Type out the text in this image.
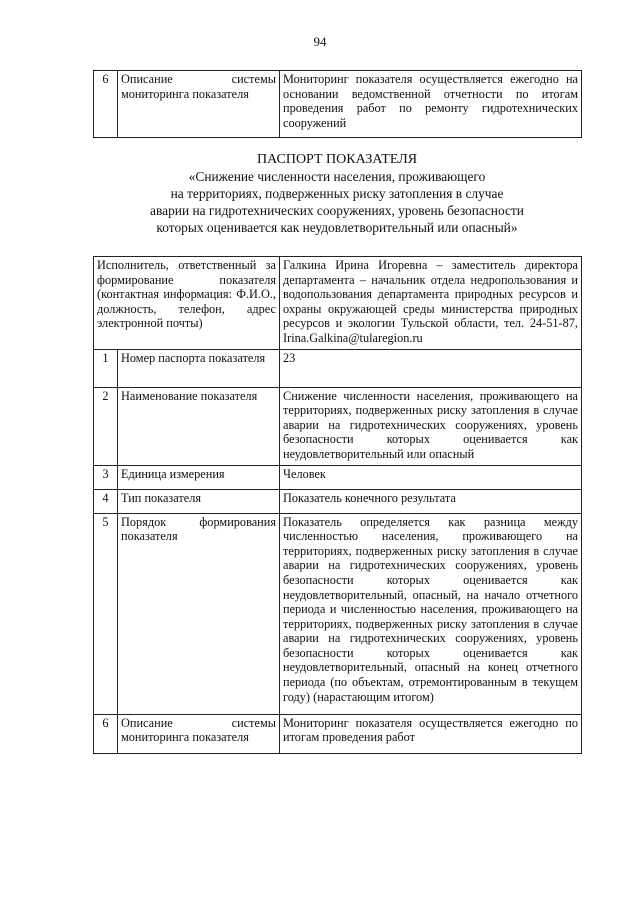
94
6	Описание системы мониторинга показателя	Мониторинг показателя осуществляется ежегодно на основании ведомственной отчетности по итогам проведения работ по ремонту гидротехнических сооружений
ПАСПОРТ ПОКАЗАТЕЛЯ
«Снижение численности населения, проживающего
на территориях, подверженных риску затопления в случае
аварии на гидротехнических сооружениях, уровень безопасности
которых оценивается как неудовлетворительный или опасный»
Исполнитель, ответственный за формирование показателя (контактная информация: Ф.И.О., должность, телефон, адрес электронной почты)		Галкина Ирина Игоревна – заместитель директора департамента – начальник отдела недропользования и водопользования департамента природных ресурсов и охраны окружающей среды министерства природных ресурсов и экологии Тульской области, тел. 24-51-87, Irina.Galkina@tularegion.ru
1	Номер паспорта показателя	23
2	Наименование показателя	Снижение численности населения, проживающего на территориях, подверженных риску затопления в случае аварии на гидротехнических сооружениях, уровень безопасности которых оценивается как неудовлетворительный или опасный
3	Единица измерения	Человек
4	Тип показателя	Показатель конечного результата
5	Порядок формирования показателя	Показатель определяется как разница между численностью населения, проживающего на территориях, подверженных риску затопления в случае аварии на гидротехнических сооружениях, уровень безопасности которых оценивается как неудовлетворительный, опасный, на начало отчетного периода и численностью населения, проживающего на территориях, подверженных риску затопления в случае аварии на гидротехнических сооружениях, уровень безопасности которых оценивается как неудовлетворительный, опасный на конец отчетного периода (по объектам, отремонтированным в текущем году) (нарастающим итогом)
6	Описание системы мониторинга показателя	Мониторинг показателя осуществляется ежегодно по итогам проведения работ
